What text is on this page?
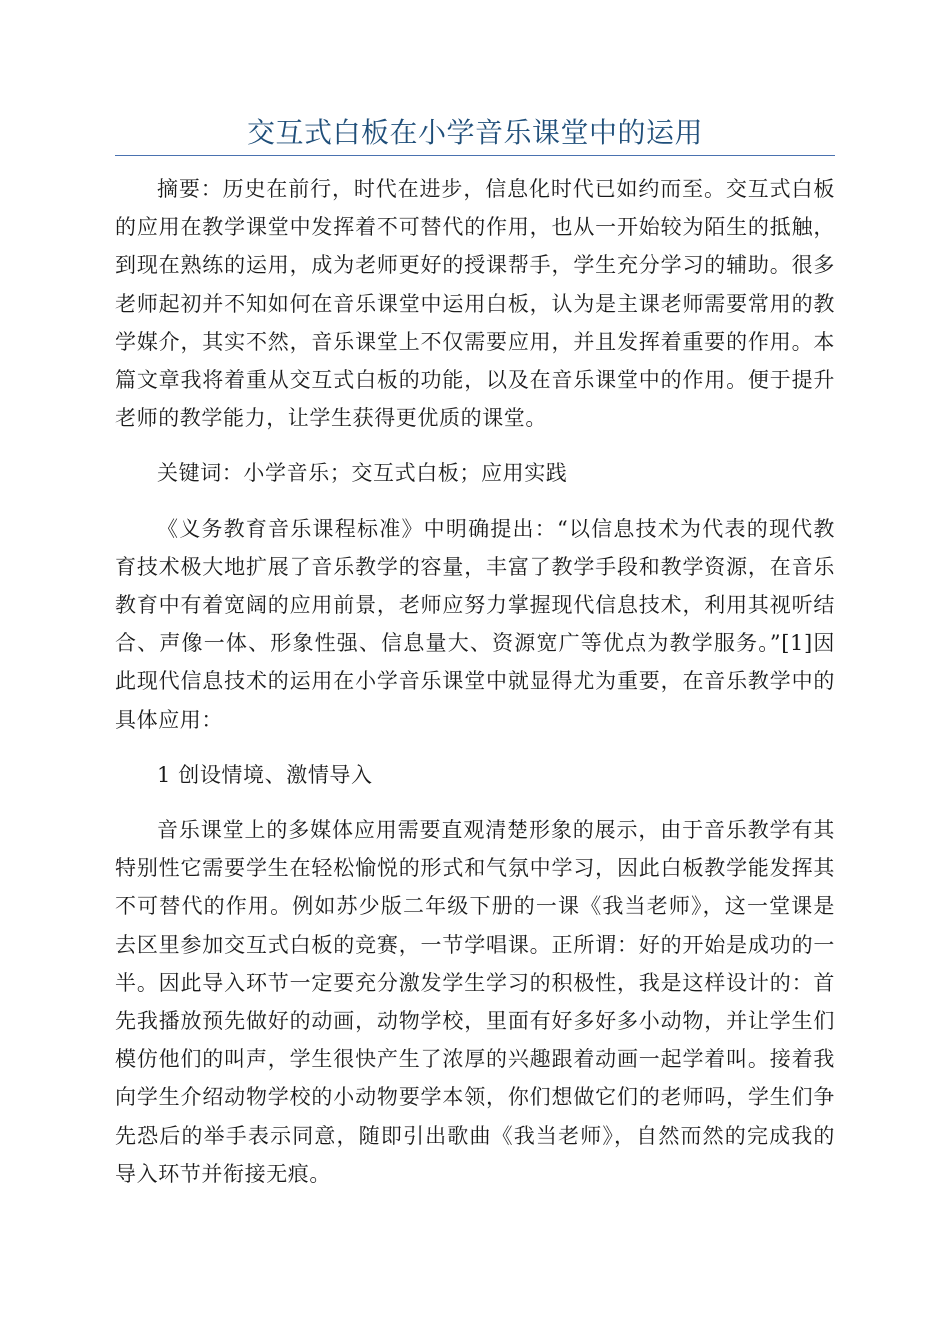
交互式白板在小学音乐课堂中的运用

摘要：历史在前行，时代在进步，信息化时代已如约而至。交互式白板的应用在教学课堂中发挥着不可替代的作用，也从一开始较为陌生的抵触，到现在熟练的运用，成为老师更好的授课帮手，学生充分学习的辅助。很多老师起初并不知如何在音乐课堂中运用白板，认为是主课老师需要常用的教学媒介，其实不然，音乐课堂上不仅需要应用，并且发挥着重要的作用。本篇文章我将着重从交互式白板的功能，以及在音乐课堂中的作用。便于提升老师的教学能力，让学生获得更优质的课堂。

关键词：小学音乐；交互式白板；应用实践

《义务教育音乐课程标准》中明确提出：“以信息技术为代表的现代教育技术极大地扩展了音乐教学的容量，丰富了教学手段和教学资源，在音乐教育中有着宽阔的应用前景，老师应努力掌握现代信息技术，利用其视听结合、声像一体、形象性强、信息量大、资源宽广等优点为教学服务。”[1]因此现代信息技术的运用在小学音乐课堂中就显得尤为重要，在音乐教学中的具体应用：

1 创设情境、激情导入

音乐课堂上的多媒体应用需要直观清楚形象的展示，由于音乐教学有其特别性它需要学生在轻松愉悦的形式和气氛中学习，因此白板教学能发挥其不可替代的作用。例如苏少版二年级下册的一课《我当老师》，这一堂课是去区里参加交互式白板的竞赛，一节学唱课。正所谓：好的开始是成功的一半。因此导入环节一定要充分激发学生学习的积极性，我是这样设计的：首先我播放预先做好的动画，动物学校，里面有好多好多小动物，并让学生们模仿他们的叫声，学生很快产生了浓厚的兴趣跟着动画一起学着叫。接着我向学生介绍动物学校的小动物要学本领，你们想做它们的老师吗，学生们争先恐后的举手表示同意，随即引出歌曲《我当老师》，自然而然的完成我的导入环节并衔接无痕。
